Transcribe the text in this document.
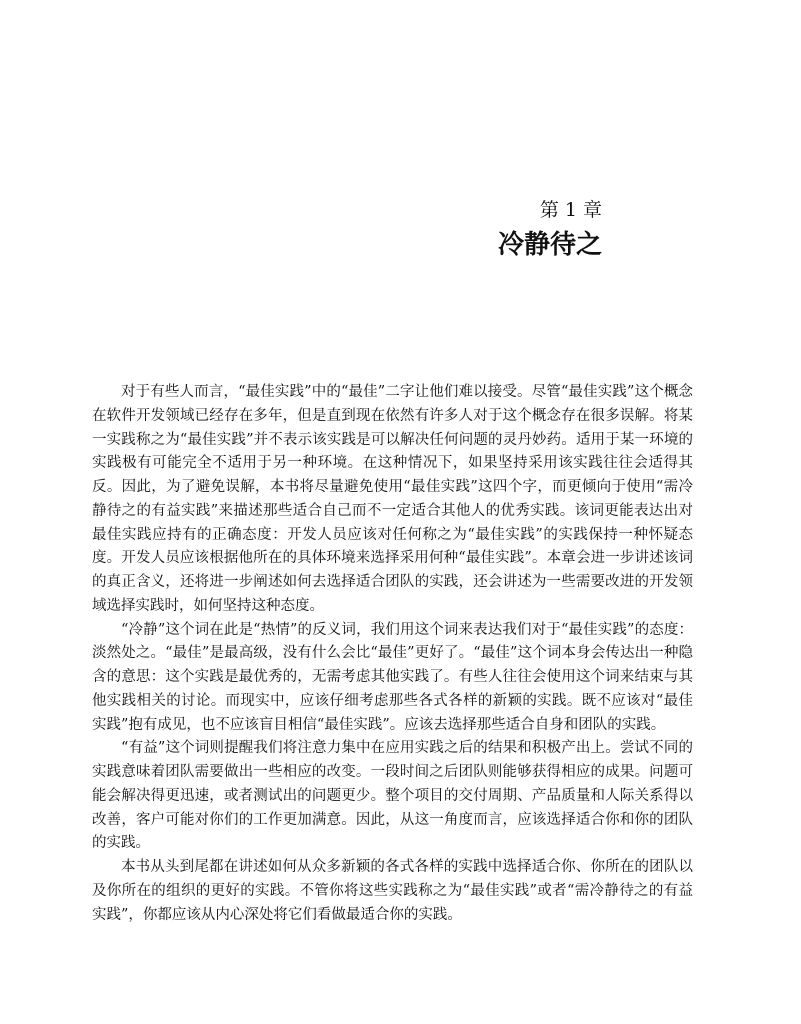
第 1 章
冷静待之

对于有些人而言，“最佳实践”中的“最佳”二字让他们难以接受。尽管“最佳实践”这个概念在软件开发领域已经存在多年，但是直到现在依然有许多人对于这个概念存在很多误解。将某一实践称之为“最佳实践”并不表示该实践是可以解决任何问题的灵丹妙药。适用于某一环境的实践极有可能完全不适用于另一种环境。在这种情况下，如果坚持采用该实践往往会适得其反。因此，为了避免误解，本书将尽量避免使用“最佳实践”这四个字，而更倾向于使用“需冷静待之的有益实践”来描述那些适合自己而不一定适合其他人的优秀实践。该词更能表达出对最佳实践应持有的正确态度：开发人员应该对任何称之为“最佳实践”的实践保持一种怀疑态度。开发人员应该根据他所在的具体环境来选择采用何种“最佳实践”。本章会进一步讲述该词的真正含义，还将进一步阐述如何去选择适合团队的实践，还会讲述为一些需要改进的开发领域选择实践时，如何坚持这种态度。

“冷静”这个词在此是“热情”的反义词，我们用这个词来表达我们对于“最佳实践”的态度：淡然处之。“最佳”是最高级，没有什么会比“最佳”更好了。“最佳”这个词本身会传达出一种隐含的意思：这个实践是最优秀的，无需考虑其他实践了。有些人往往会使用这个词来结束与其他实践相关的讨论。而现实中，应该仔细考虑那些各式各样的新颖的实践。既不应该对“最佳实践”抱有成见，也不应该盲目相信“最佳实践”。应该去选择那些适合自身和团队的实践。

“有益”这个词则提醒我们将注意力集中在应用实践之后的结果和积极产出上。尝试不同的实践意味着团队需要做出一些相应的改变。一段时间之后团队则能够获得相应的成果。问题可能会解决得更迅速，或者测试出的问题更少。整个项目的交付周期、产品质量和人际关系得以改善，客户可能对你们的工作更加满意。因此，从这一角度而言，应该选择适合你和你的团队的实践。

本书从头到尾都在讲述如何从众多新颖的各式各样的实践中选择适合你、你所在的团队以及你所在的组织的更好的实践。不管你将这些实践称之为“最佳实践”或者“需冷静待之的有益实践”，你都应该从内心深处将它们看做最适合你的实践。
